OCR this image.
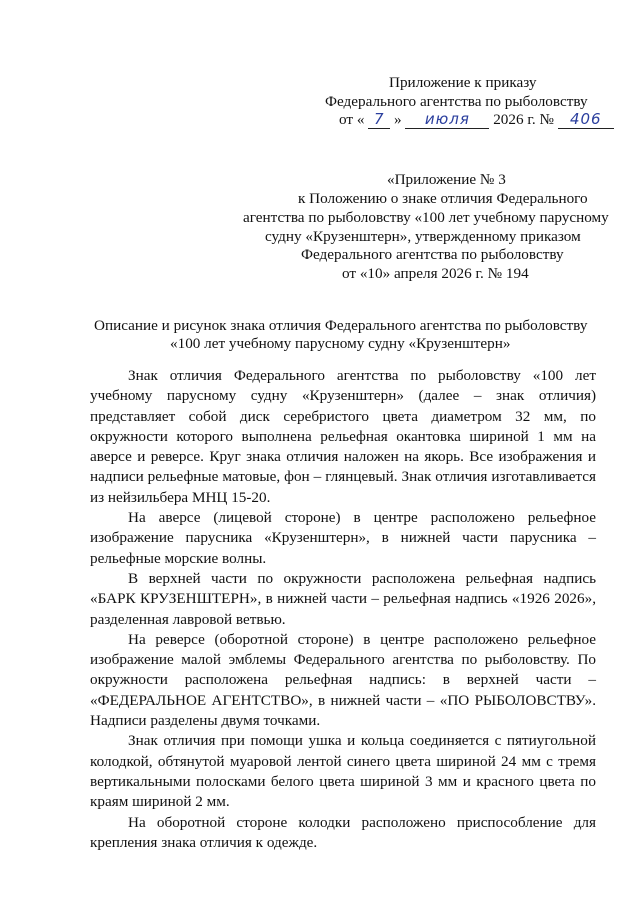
Приложение к приказу
Федерального агентства по рыболовству
от « 7 » июля 2026 г. № 406
«Приложение № 3
к Положению о знаке отличия Федерального
агентства по рыболовству «100 лет учебному парусному
судну «Крузенштерн», утвержденному приказом
Федерального агентства по рыболовству
от «10» апреля 2026 г. № 194
Описание и рисунок знака отличия Федерального агентства по рыболовству
«100 лет учебному парусному судну «Крузенштерн»

Знак отличия Федерального агентства по рыболовству «100 лет учебному парусному судну «Крузенштерн» (далее – знак отличия) представляет собой диск серебристого цвета диаметром 32 мм, по окружности которого выполнена рельефная окантовка шириной 1 мм на аверсе и реверсе. Круг знака отличия наложен на якорь. Все изображения и надписи рельефные матовые, фон – глянцевый. Знак отличия изготавливается из нейзильбера МНЦ 15-20.

На аверсе (лицевой стороне) в центре расположено рельефное изображение парусника «Крузенштерн», в нижней части парусника – рельефные морские волны.

В верхней части по окружности расположена рельефная надпись «БАРК КРУЗЕНШТЕРН», в нижней части – рельефная надпись «1926 2026», разделенная лавровой ветвью.

На реверсе (оборотной стороне) в центре расположено рельефное изображение малой эмблемы Федерального агентства по рыболовству. По окружности расположена рельефная надпись: в верхней части – «ФЕДЕРАЛЬНОЕ АГЕНТСТВО», в нижней части – «ПО РЫБОЛОВСТВУ». Надписи разделены двумя точками.

Знак отличия при помощи ушка и кольца соединяется с пятиугольной колодкой, обтянутой муаровой лентой синего цвета шириной 24 мм с тремя вертикальными полосками белого цвета шириной 3 мм и красного цвета по краям шириной 2 мм.

На оборотной стороне колодки расположено приспособление для крепления знака отличия к одежде.
